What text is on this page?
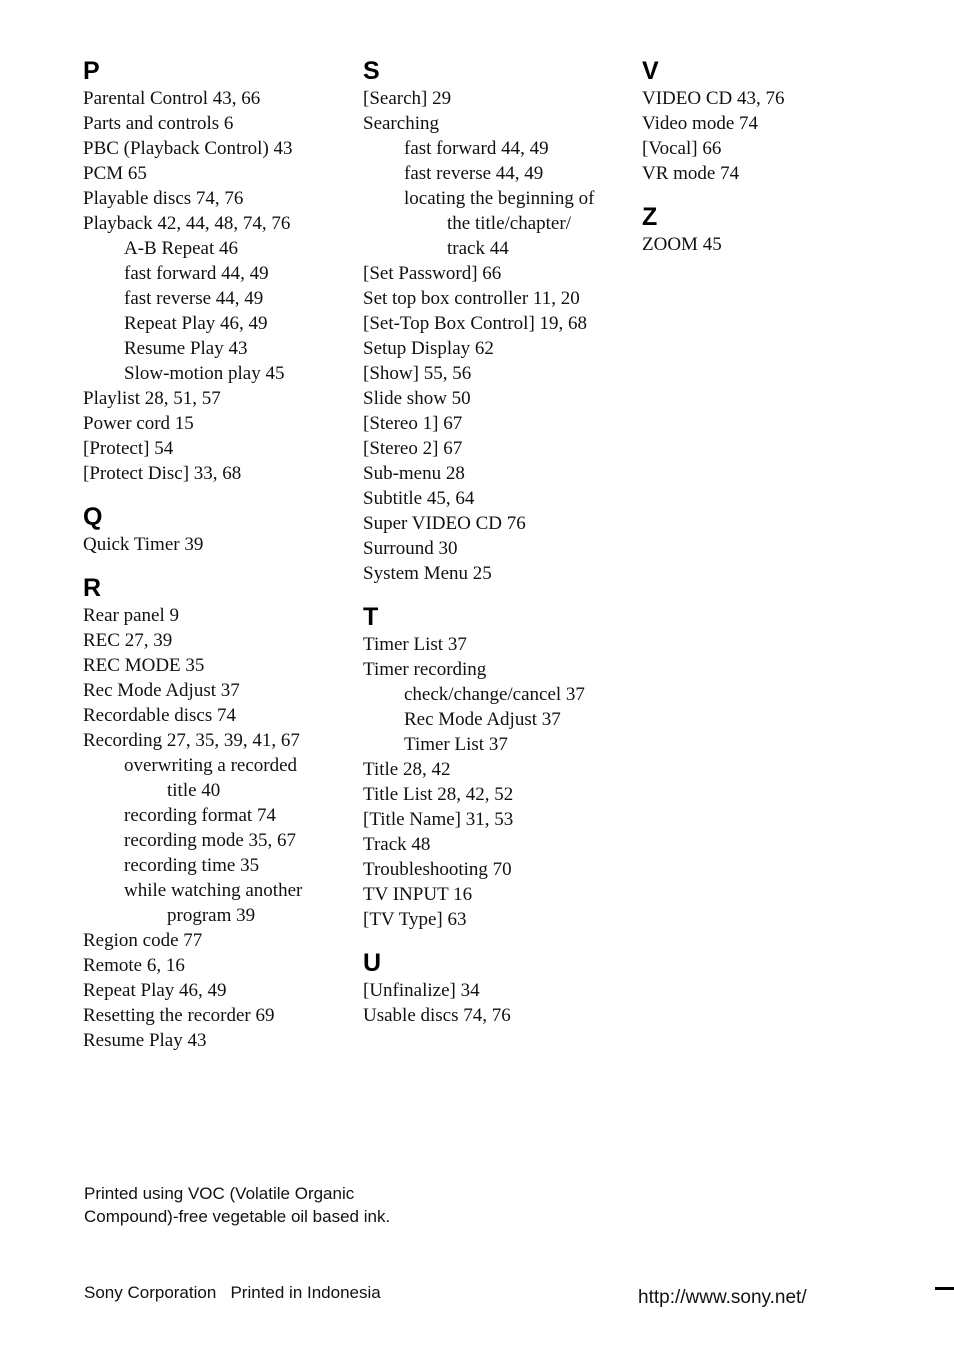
P
Parental Control 43, 66
Parts and controls 6
PBC (Playback Control) 43
PCM 65
Playable discs 74, 76
Playback 42, 44, 48, 74, 76
A-B Repeat 46
fast forward 44, 49
fast reverse 44, 49
Repeat Play 46, 49
Resume Play 43
Slow-motion play 45
Playlist 28, 51, 57
Power cord 15
[Protect] 54
[Protect Disc] 33, 68
Q
Quick Timer 39
R
Rear panel 9
REC 27, 39
REC MODE 35
Rec Mode Adjust 37
Recordable discs 74
Recording 27, 35, 39, 41, 67
overwriting a recorded
title 40
recording format 74
recording mode 35, 67
recording time 35
while watching another
program 39
Region code 77
Remote 6, 16
Repeat Play 46, 49
Resetting the recorder 69
Resume Play 43
S
[Search] 29
Searching
fast forward 44, 49
fast reverse 44, 49
locating the beginning of
the title/chapter/
track 44
[Set Password] 66
Set top box controller 11, 20
[Set-Top Box Control] 19, 68
Setup Display 62
[Show] 55, 56
Slide show 50
[Stereo 1] 67
[Stereo 2] 67
Sub-menu 28
Subtitle 45, 64
Super VIDEO CD 76
Surround 30
System Menu 25
T
Timer List 37
Timer recording
check/change/cancel 37
Rec Mode Adjust 37
Timer List 37
Title 28, 42
Title List 28, 42, 52
[Title Name] 31, 53
Track 48
Troubleshooting 70
TV INPUT 16
[TV Type] 63
U
[Unfinalize] 34
Usable discs 74, 76
V
VIDEO CD 43, 76
Video mode 74
[Vocal] 66
VR mode 74
Z
ZOOM 45
Printed using VOC (Volatile Organic Compound)-free vegetable oil based ink.
Sony Corporation   Printed in Indonesia	http://www.sony.net/
